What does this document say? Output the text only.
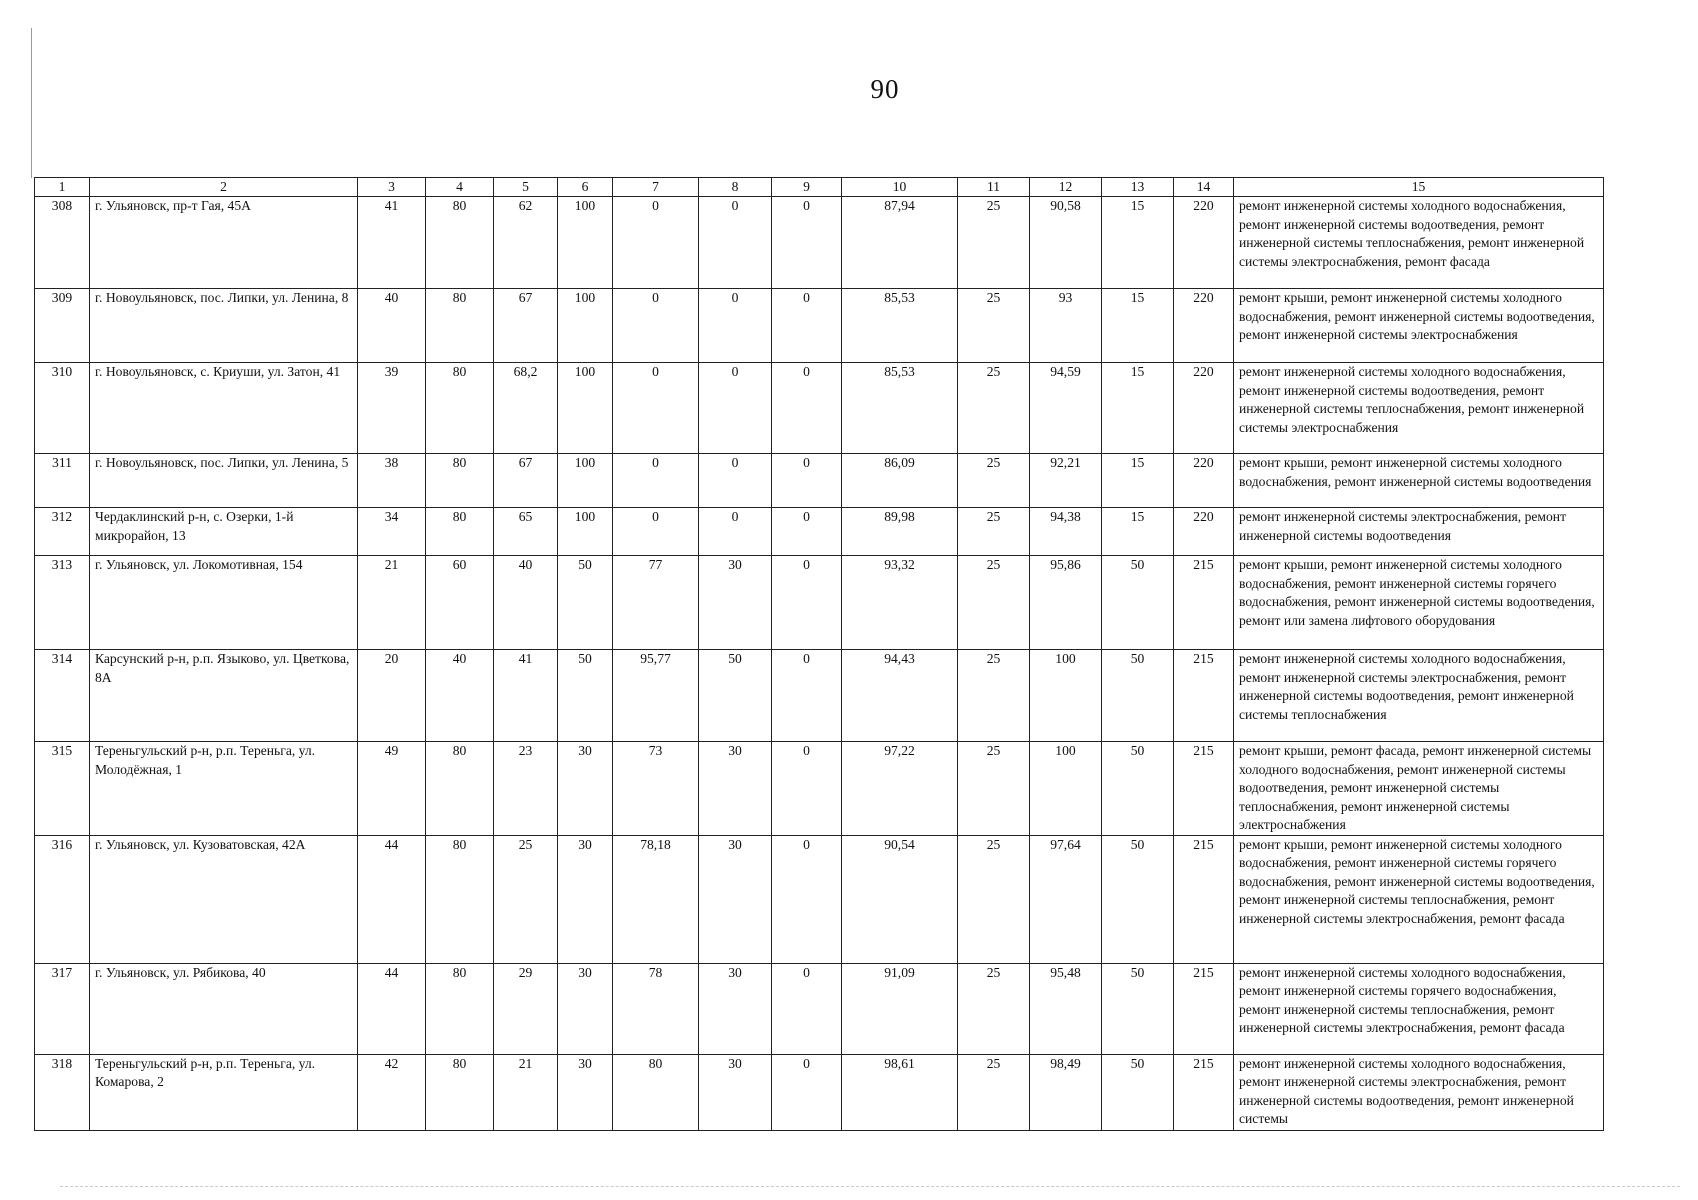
90
1	2	3	4	5	6	7	8	9	10	11	12	13	14	15
308	г. Ульяновск, пр-т Гая, 45А	41	80	62	100	0	0	0	87,94	25	90,58	15	220	ремонт инженерной системы холодного водоснабжения, ремонт инженерной системы водоотведения, ремонт инженерной системы теплоснабжения, ремонт инженерной системы электроснабжения, ремонт фасада
309	г. Новоульяновск, пос. Липки, ул. Ленина, 8	40	80	67	100	0	0	0	85,53	25	93	15	220	ремонт крыши, ремонт инженерной системы холодного водоснабжения, ремонт инженерной системы водоотведения, ремонт инженерной системы электроснабжения
310	г. Новоульяновск, с. Криуши, ул. Затон, 41	39	80	68,2	100	0	0	0	85,53	25	94,59	15	220	ремонт инженерной системы холодного водоснабжения, ремонт инженерной системы водоотведения, ремонт инженерной системы теплоснабжения, ремонт инженерной системы электроснабжения
311	г. Новоульяновск, пос. Липки, ул. Ленина, 5	38	80	67	100	0	0	0	86,09	25	92,21	15	220	ремонт крыши, ремонт инженерной системы холодного водоснабжения, ремонт инженерной системы водоотведения
312	Чердаклинский р-н, с. Озерки, 1-й микрорайон, 13	34	80	65	100	0	0	0	89,98	25	94,38	15	220	ремонт инженерной системы электроснабжения, ремонт инженерной системы водоотведения
313	г. Ульяновск, ул. Локомотивная, 154	21	60	40	50	77	30	0	93,32	25	95,86	50	215	ремонт крыши, ремонт инженерной системы холодного водоснабжения, ремонт инженерной системы горячего водоснабжения, ремонт инженерной системы водоотведения, ремонт или замена лифтового оборудования
314	Карсунский р-н, р.п. Языково, ул. Цветкова, 8А	20	40	41	50	95,77	50	0	94,43	25	100	50	215	ремонт инженерной системы холодного водоснабжения, ремонт инженерной системы электроснабжения, ремонт инженерной системы водоотведения, ремонт инженерной системы теплоснабжения
315	Тереньгульский р-н, р.п. Тереньга, ул. Молодёжная, 1	49	80	23	30	73	30	0	97,22	25	100	50	215	ремонт крыши, ремонт фасада, ремонт инженерной системы холодного водоснабжения, ремонт инженерной системы водоотведения, ремонт инженерной системы теплоснабжения, ремонт инженерной системы электроснабжения
316	г. Ульяновск, ул. Кузоватовская, 42А	44	80	25	30	78,18	30	0	90,54	25	97,64	50	215	ремонт крыши, ремонт инженерной системы холодного водоснабжения, ремонт инженерной системы горячего водоснабжения, ремонт инженерной системы водоотведения, ремонт инженерной системы теплоснабжения, ремонт инженерной системы электроснабжения, ремонт фасада
317	г. Ульяновск, ул. Рябикова, 40	44	80	29	30	78	30	0	91,09	25	95,48	50	215	ремонт инженерной системы холодного водоснабжения, ремонт инженерной системы горячего водоснабжения, ремонт инженерной системы теплоснабжения, ремонт инженерной системы электроснабжения, ремонт фасада
318	Тереньгульский р-н, р.п. Тереньга, ул. Комарова, 2	42	80	21	30	80	30	0	98,61	25	98,49	50	215	ремонт инженерной системы холодного водоснабжения, ремонт инженерной системы электроснабжения, ремонт инженерной системы водоотведения, ремонт инженерной системы
